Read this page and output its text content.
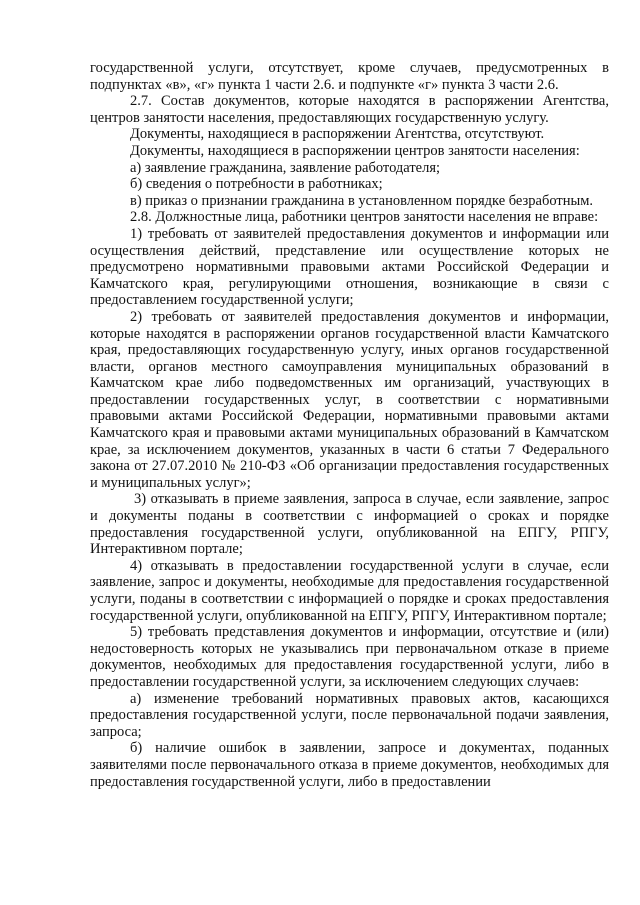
государственной услуги, отсутствует, кроме случаев, предусмотренных в подпунктах «в», «г» пункта 1 части 2.6. и подпункте «г» пункта 3 части 2.6.

2.7. Состав документов, которые находятся в распоряжении Агентства, центров занятости населения, предоставляющих государственную услугу.

Документы, находящиеся в распоряжении Агентства, отсутствуют.

Документы, находящиеся в распоряжении центров занятости населения:

а) заявление гражданина, заявление работодателя;

б) сведения о потребности в работниках;

в) приказ о признании гражданина в установленном порядке безработным.

2.8. Должностные лица, работники центров занятости населения не вправе:

1) требовать от заявителей предоставления документов и информации или осуществления действий, представление или осуществление которых не предусмотрено нормативными правовыми актами Российской Федерации и Камчатского края, регулирующими отношения, возникающие в связи с предоставлением государственной услуги;

2) требовать от заявителей предоставления документов и информации, которые находятся в распоряжении органов государственной власти Камчатского края, предоставляющих государственную услугу, иных органов государственной власти, органов местного самоуправления муниципальных образований в Камчатском крае либо подведомственных им организаций, участвующих в предоставлении государственных услуг, в соответствии с нормативными правовыми актами Российской Федерации, нормативными правовыми актами Камчатского края и правовыми актами муниципальных образований в Камчатском крае, за исключением документов, указанных в части 6 статьи 7 Федерального закона от 27.07.2010 № 210-ФЗ «Об организации предоставления государственных и муниципальных услуг»;

3) отказывать в приеме заявления, запроса в случае, если заявление, запрос и документы поданы в соответствии с информацией о сроках и порядке предоставления государственной услуги, опубликованной на ЕПГУ, РПГУ, Интерактивном портале;

4) отказывать в предоставлении государственной услуги в случае, если заявление, запрос и документы, необходимые для предоставления государственной услуги, поданы в соответствии с информацией о порядке и сроках предоставления государственной услуги, опубликованной на ЕПГУ, РПГУ, Интерактивном портале;

5) требовать представления документов и информации, отсутствие и (или) недостоверность которых не указывались при первоначальном отказе в приеме документов, необходимых для предоставления государственной услуги, либо в предоставлении государственной услуги, за исключением следующих случаев:

а) изменение требований нормативных правовых актов, касающихся предоставления государственной услуги, после первоначальной подачи заявления, запроса;

б) наличие ошибок в заявлении, запросе и документах, поданных заявителями после первоначального отказа в приеме документов, необходимых для предоставления государственной услуги, либо в предоставлении
